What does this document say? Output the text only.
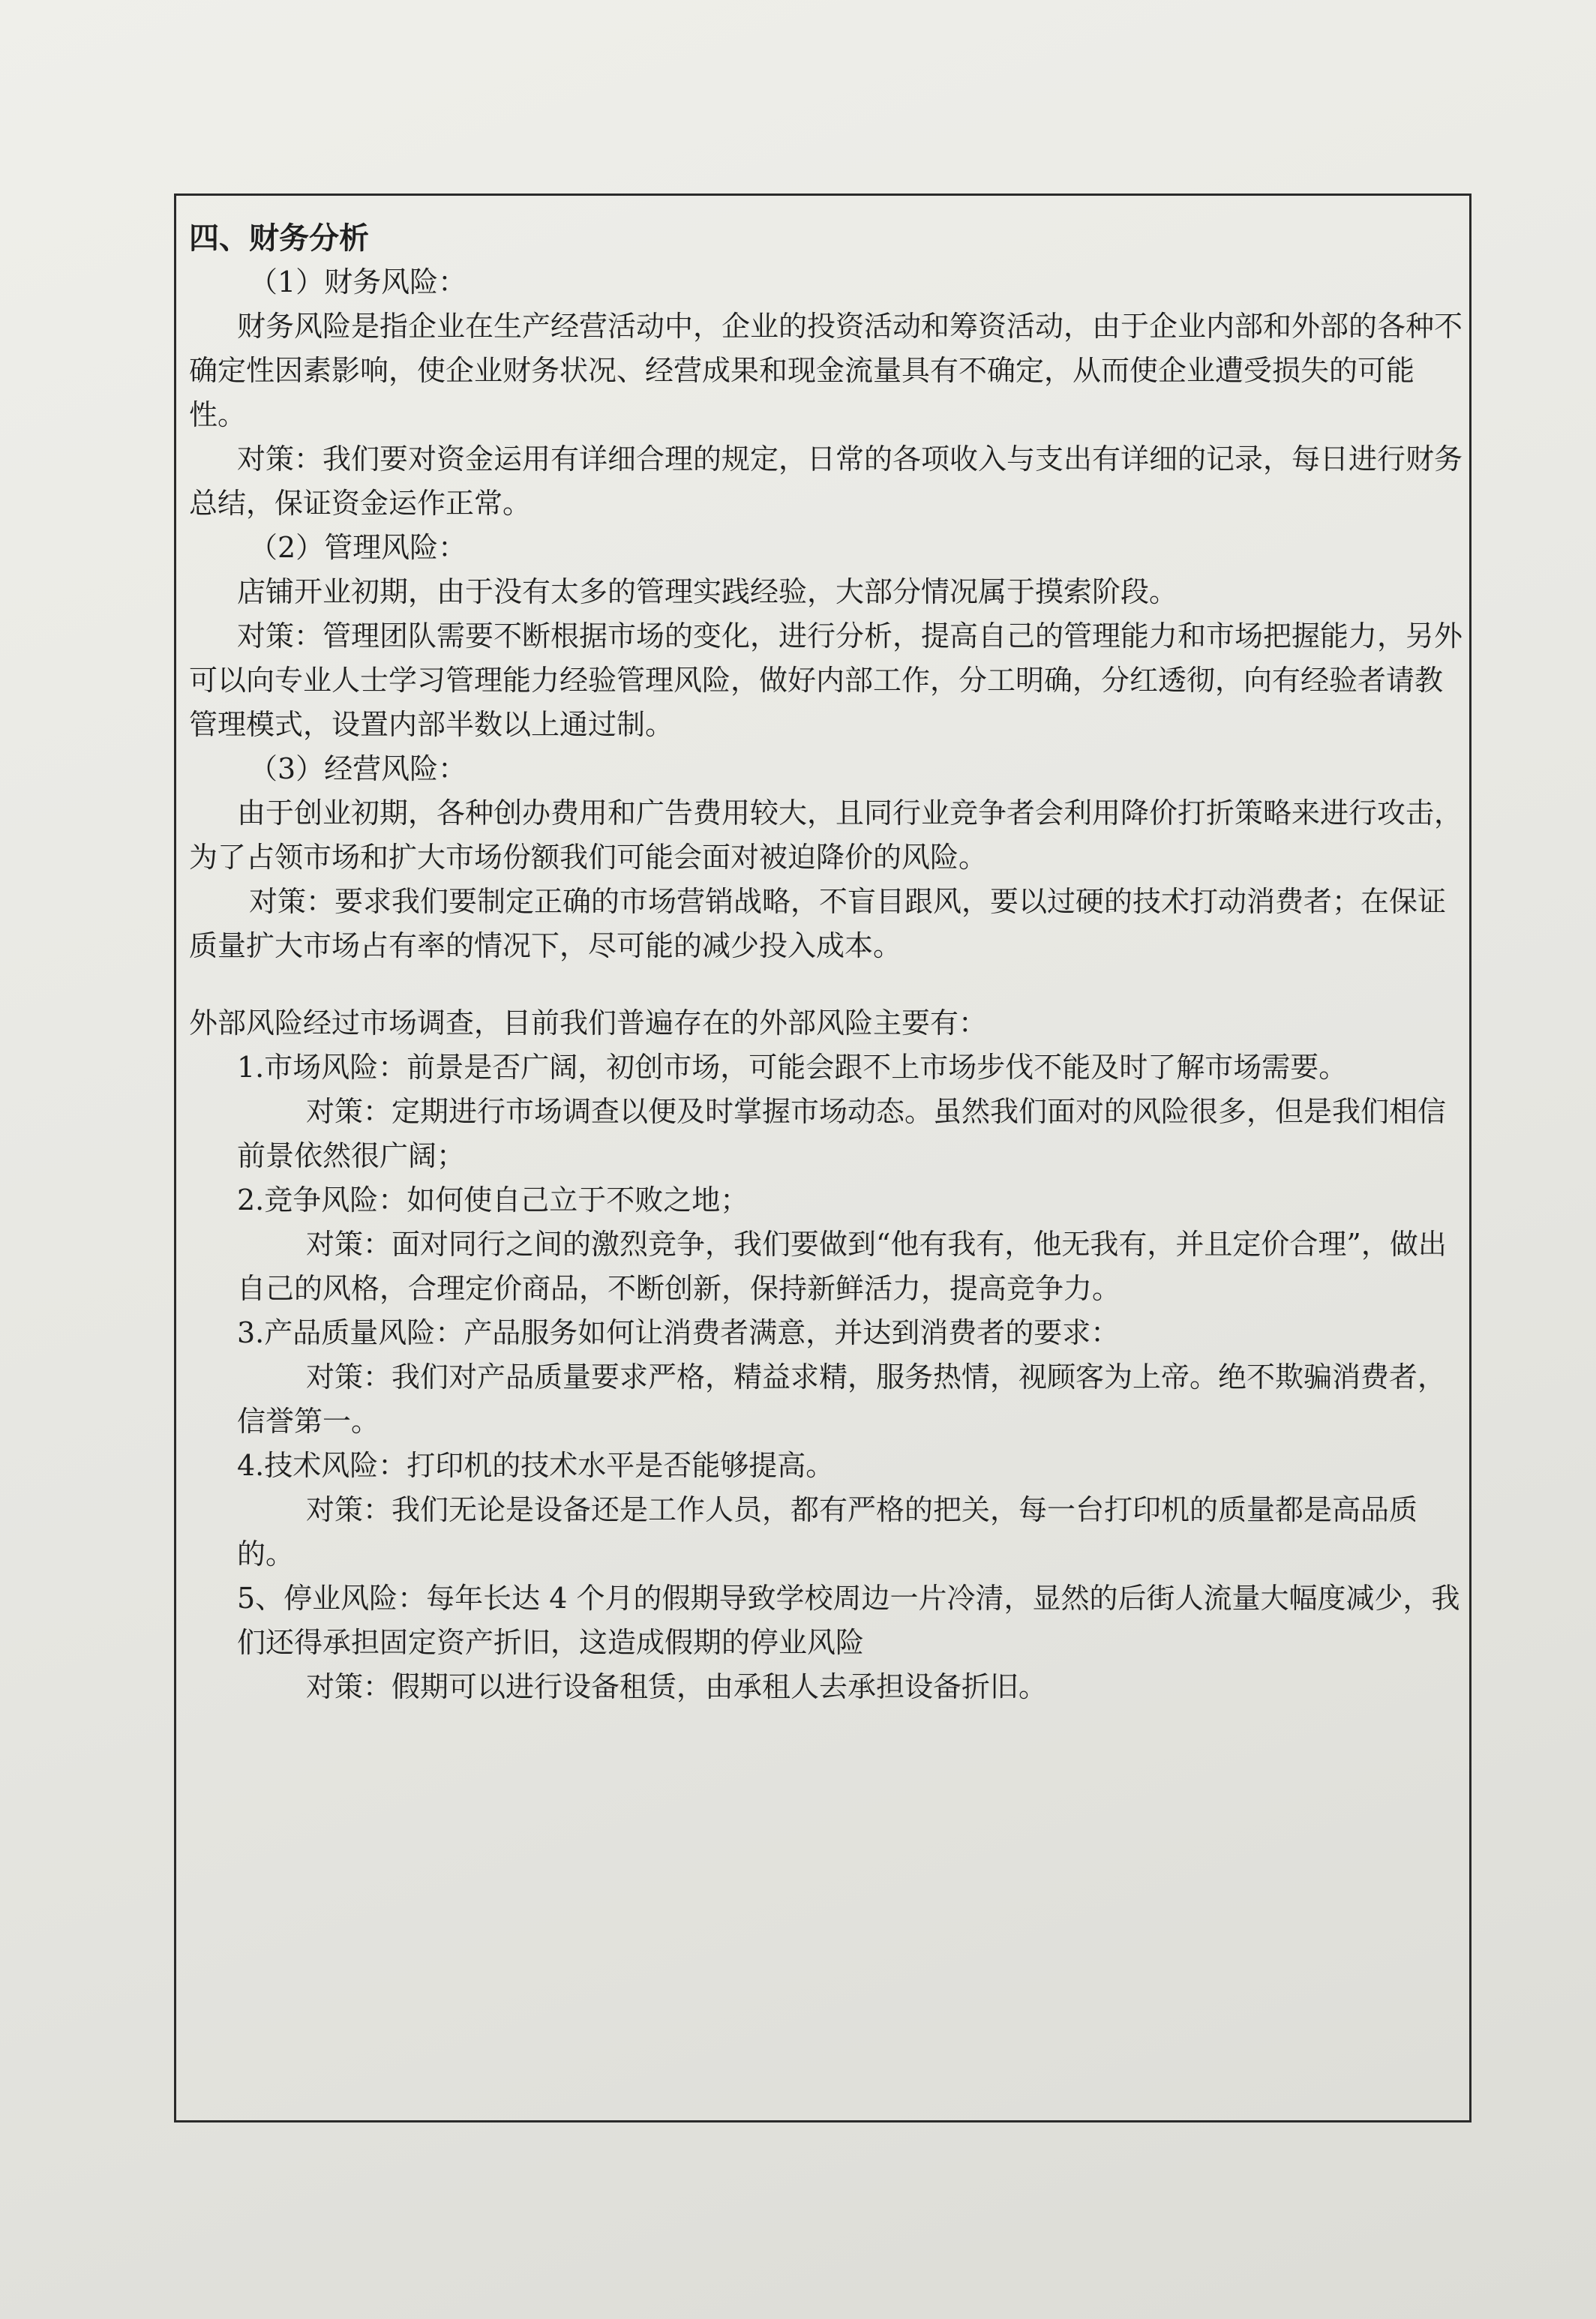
四、财务分析

（1）财务风险：

财务风险是指企业在生产经营活动中，企业的投资活动和筹资活动，由于企业内部和外部的各种不确定性因素影响，使企业财务状况、经营成果和现金流量具有不确定，从而使企业遭受损失的可能性。

对策：我们要对资金运用有详细合理的规定，日常的各项收入与支出有详细的记录，每日进行财务总结，保证资金运作正常。

（2）管理风险：

店铺开业初期，由于没有太多的管理实践经验，大部分情况属于摸索阶段。

对策：管理团队需要不断根据市场的变化，进行分析，提高自己的管理能力和市场把握能力，另外可以向专业人士学习管理能力经验管理风险，做好内部工作，分工明确，分红透彻，向有经验者请教管理模式，设置内部半数以上通过制。

（3）经营风险：

由于创业初期，各种创办费用和广告费用较大，且同行业竞争者会利用降价打折策略来进行攻击，为了占领市场和扩大市场份额我们可能会面对被迫降价的风险。

对策：要求我们要制定正确的市场营销战略，不盲目跟风，要以过硬的技术打动消费者；在保证质量扩大市场占有率的情况下，尽可能的减少投入成本。

外部风险经过市场调查，目前我们普遍存在的外部风险主要有：

1.市场风险：前景是否广阔，初创市场，可能会跟不上市场步伐不能及时了解市场需要。

对策：定期进行市场调查以便及时掌握市场动态。虽然我们面对的风险很多，但是我们相信前景依然很广阔；

2.竞争风险：如何使自己立于不败之地；

对策：面对同行之间的激烈竞争，我们要做到“他有我有，他无我有，并且定价合理”，做出自己的风格，合理定价商品，不断创新，保持新鲜活力，提高竞争力。

3.产品质量风险：产品服务如何让消费者满意，并达到消费者的要求：

对策：我们对产品质量要求严格，精益求精，服务热情，视顾客为上帝。绝不欺骗消费者，信誉第一。

4.技术风险：打印机的技术水平是否能够提高。

对策：我们无论是设备还是工作人员，都有严格的把关，每一台打印机的质量都是高品质的。

5、停业风险：每年长达 4 个月的假期导致学校周边一片冷清，显然的后街人流量大幅度减少，我们还得承担固定资产折旧，这造成假期的停业风险

对策：假期可以进行设备租赁，由承租人去承担设备折旧。
